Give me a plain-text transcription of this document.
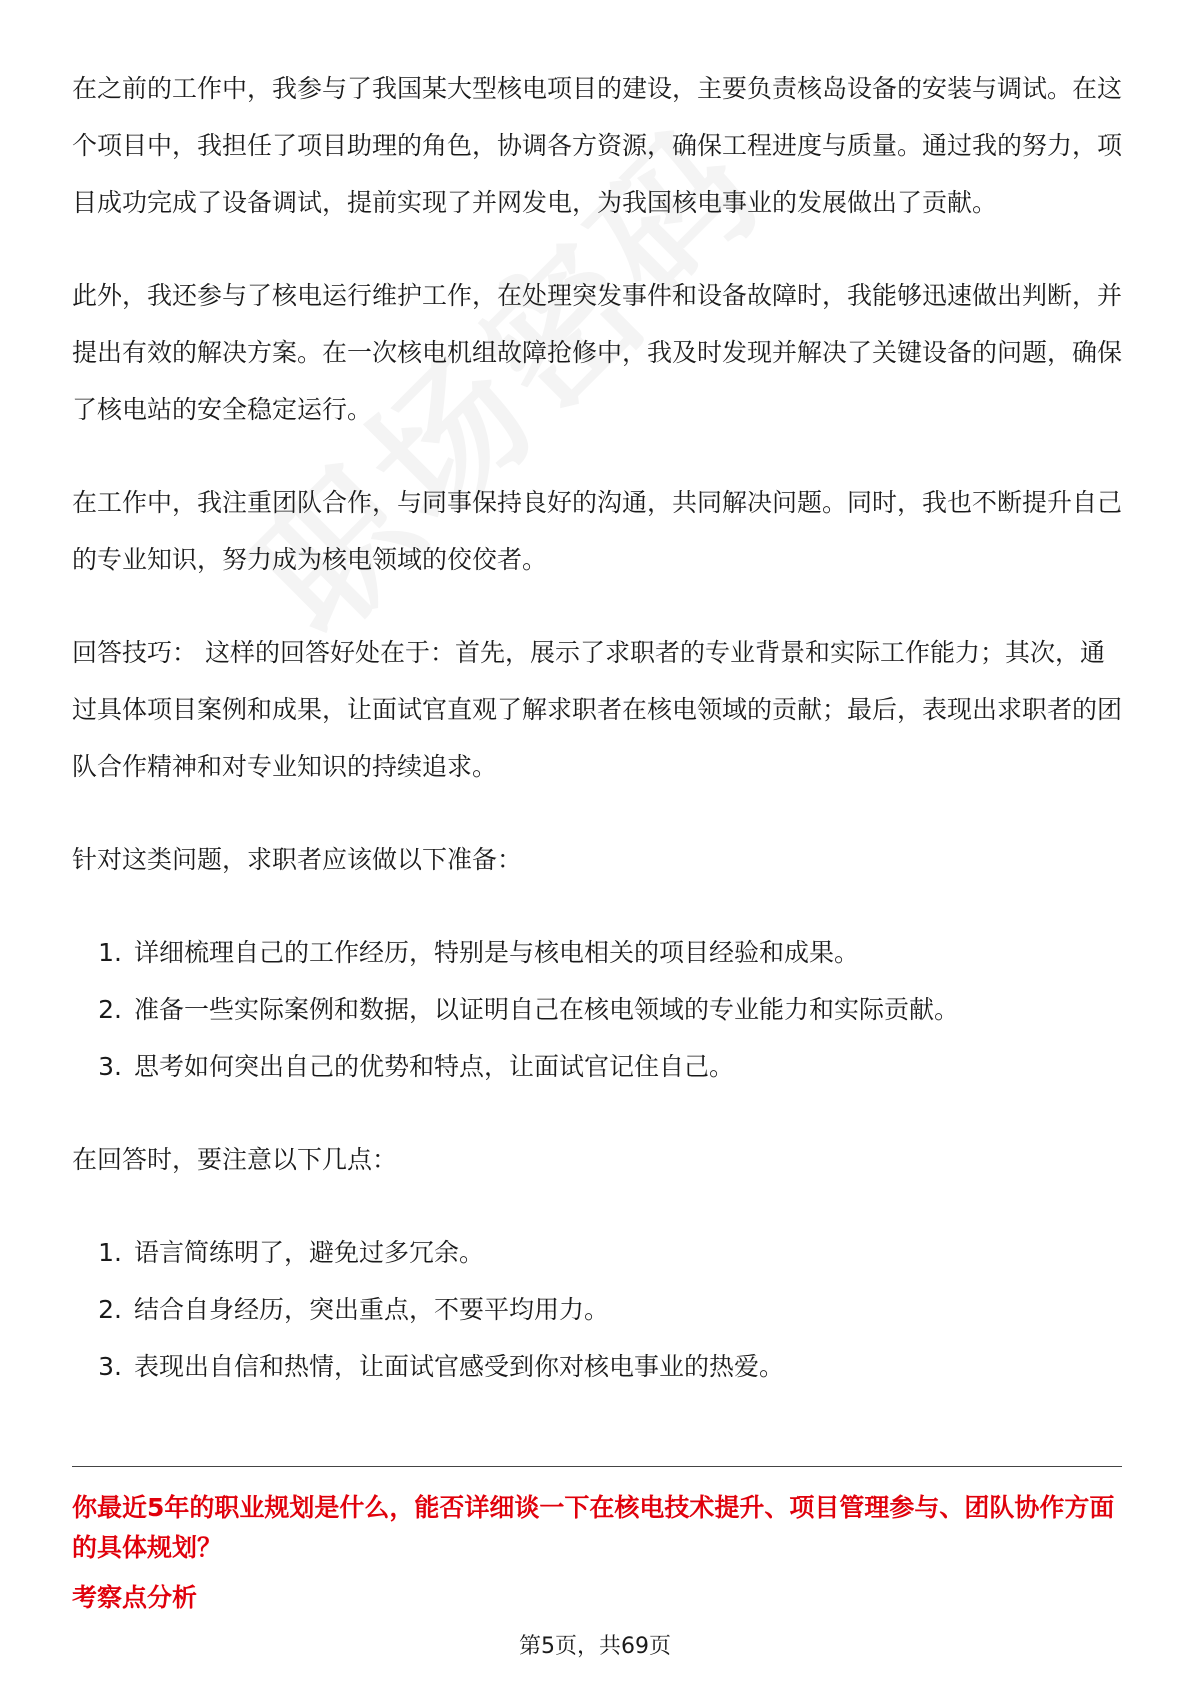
在之前的工作中，我参与了我国某大型核电项目的建设，主要负责核岛设备的安装与调试。在这个项目中，我担任了项目助理的角色，协调各方资源，确保工程进度与质量。通过我的努力，项目成功完成了设备调试，提前实现了并网发电，为我国核电事业的发展做出了贡献。

此外，我还参与了核电运行维护工作，在处理突发事件和设备故障时，我能够迅速做出判断，并提出有效的解决方案。在一次核电机组故障抢修中，我及时发现并解决了关键设备的问题，确保了核电站的安全稳定运行。

在工作中，我注重团队合作，与同事保持良好的沟通，共同解决问题。同时，我也不断提升自己的专业知识，努力成为核电领域的佼佼者。

回答技巧： 这样的回答好处在于：首先，展示了求职者的专业背景和实际工作能力；其次，通过具体项目案例和成果，让面试官直观了解求职者在核电领域的贡献；最后，表现出求职者的团队合作精神和对专业知识的持续追求。

针对这类问题，求职者应该做以下准备：

1. 详细梳理自己的工作经历，特别是与核电相关的项目经验和成果。
2. 准备一些实际案例和数据，以证明自己在核电领域的专业能力和实际贡献。
3. 思考如何突出自己的优势和特点，让面试官记住自己。

在回答时，要注意以下几点：

1. 语言简练明了，避免过多冗余。
2. 结合自身经历，突出重点，不要平均用力。
3. 表现出自信和热情，让面试官感受到你对核电事业的热爱。

你最近5年的职业规划是什么，能否详细谈一下在核电技术提升、项目管理参与、团队协作方面的具体规划？

考察点分析

第5页，共69页
